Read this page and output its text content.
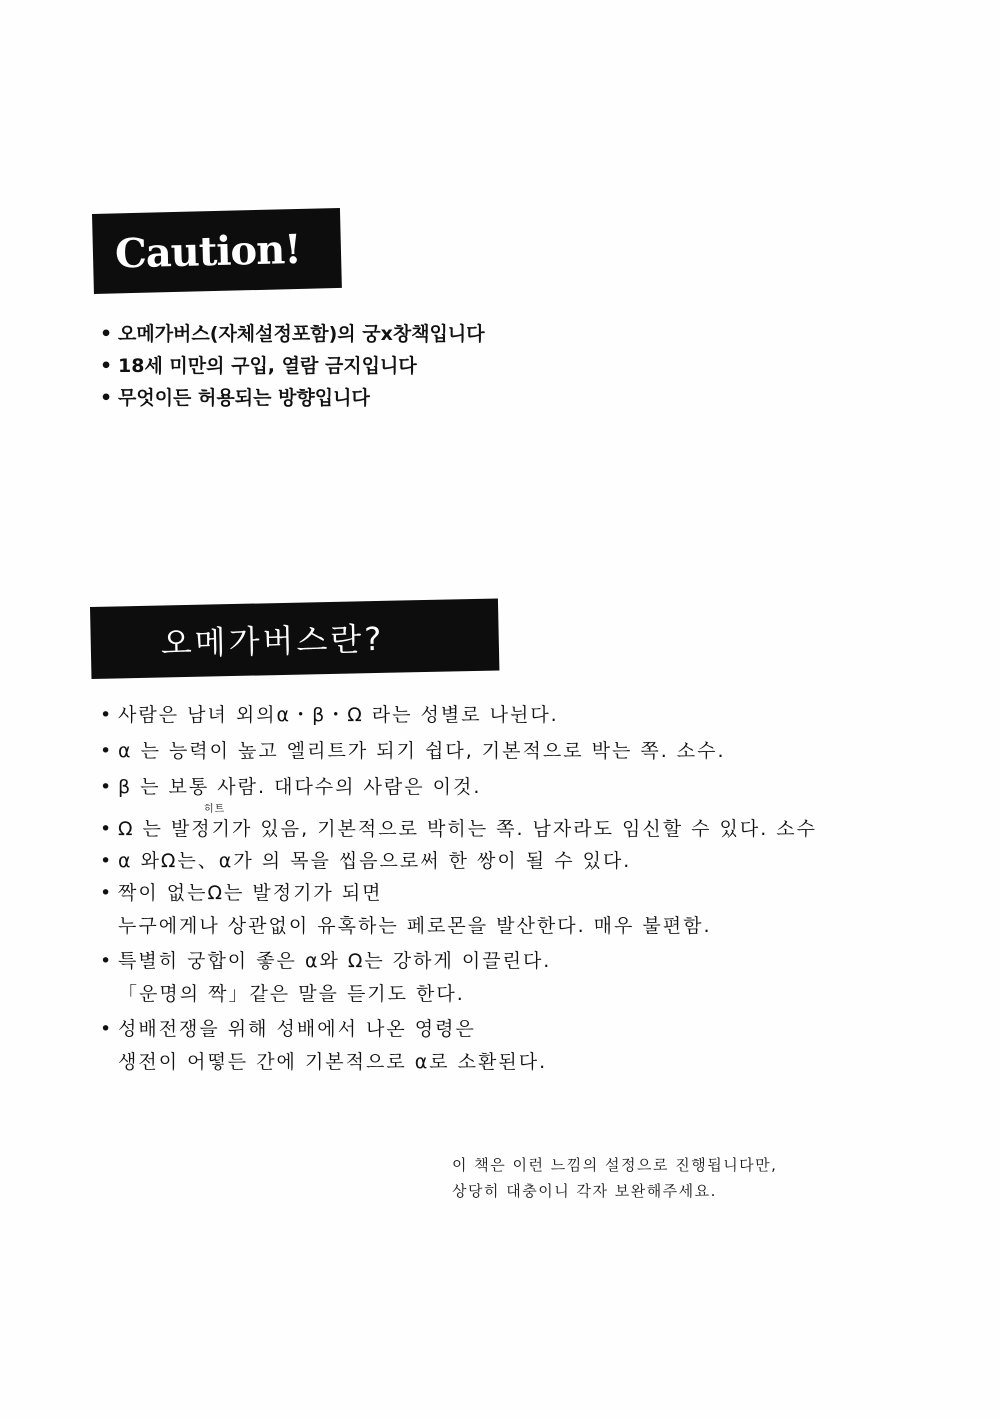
Caution!
• 오메가버스(자체설정포함)의 궁x창책입니다
• 18세 미만의 구입, 열람 금지입니다
• 무엇이든 허용되는 방향입니다
오메가버스란?
• 사람은 남녀 외의α・β・Ω 라는 성별로 나뉜다.
• α 는 능력이 높고 엘리트가 되기 쉽다, 기본적으로 박는 쪽. 소수.
• β 는 보통 사람. 대다수의 사람은 이것.
히트
• Ω 는 발정기가 있음, 기본적으로 박히는 쪽. 남자라도 임신할 수 있다. 소수
• α 와Ω는、α가 의 목을 씹음으로써 한 쌍이 될 수 있다.
• 짝이 없는Ω는 발정기가 되면
누구에게나 상관없이 유혹하는 페로몬을 발산한다. 매우 불편함.
• 특별히 궁합이 좋은 α와 Ω는 강하게 이끌린다.
「운명의 짝」같은 말을 듣기도 한다.
• 성배전쟁을 위해 성배에서 나온 영령은
생전이 어떻든 간에 기본적으로 α로 소환된다.
이 책은 이런 느낌의 설정으로 진행됩니다만,
상당히 대충이니 각자 보완해주세요.
